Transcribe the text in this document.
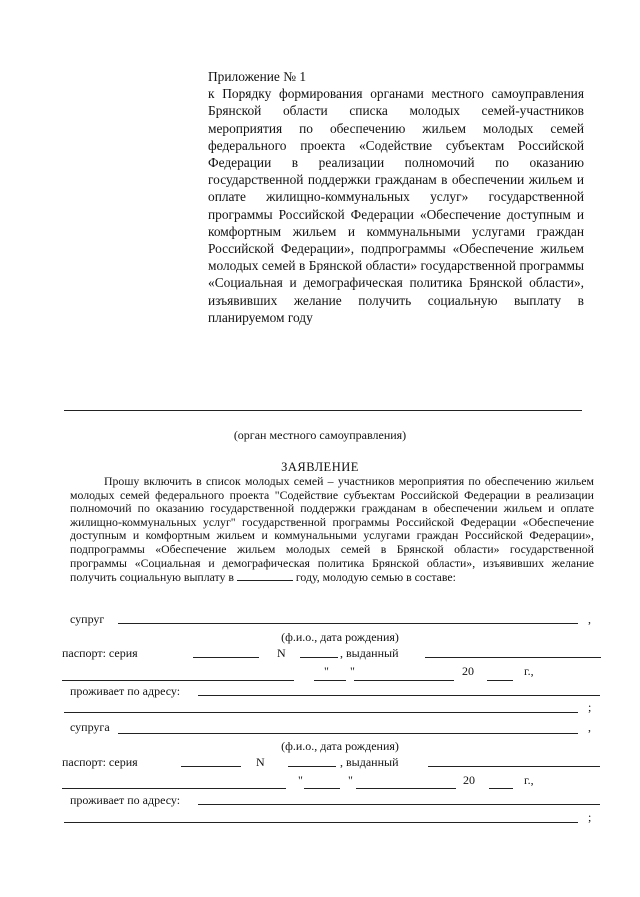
Приложение № 1
к Порядку формирования органами местного самоуправления Брянской области списка молодых семей-участников мероприятия по обеспечению жильем молодых семей федерального проекта «Содействие субъектам Российской Федерации в реализации полномочий по оказанию государственной поддержки гражданам в обеспечении жильем и оплате жилищно-коммунальных услуг» государственной программы Российской Федерации «Обеспечение доступным и комфортным жильем и коммунальными услугами граждан Российской Федерации», подпрограммы «Обеспечение жильем молодых семей в Брянской области» государственной программы «Социальная и демографическая политика Брянской области», изъявивших желание получить социальную выплату в планируемом году
(орган местного самоуправления)
ЗАЯВЛЕНИЕ
Прошу включить в список молодых семей – участников мероприятия по обеспечению жильем молодых семей федерального проекта "Содействие субъектам Российской Федерации в реализации полномочий по оказанию государственной поддержки гражданам в обеспечении жильем и оплате жилищно-коммунальных услуг" государственной программы Российской Федерации «Обеспечение доступным и комфортным жильем и коммунальными услугами граждан Российской Федерации», подпрограммы «Обеспечение жильем молодых семей в Брянской области» государственной программы «Социальная и демографическая политика Брянской области», изъявивших желание получить социальную выплату в	году, молодую семью в составе:
супруг	,
(ф.и.о., дата рождения)
паспорт: серия	N	, выданный
" "	20	г.,
проживает по адресу:
;
супруга	,
(ф.и.о., дата рождения)
паспорт: серия	N	, выданный
"	"	20	г.,
проживает по адресу:
;
